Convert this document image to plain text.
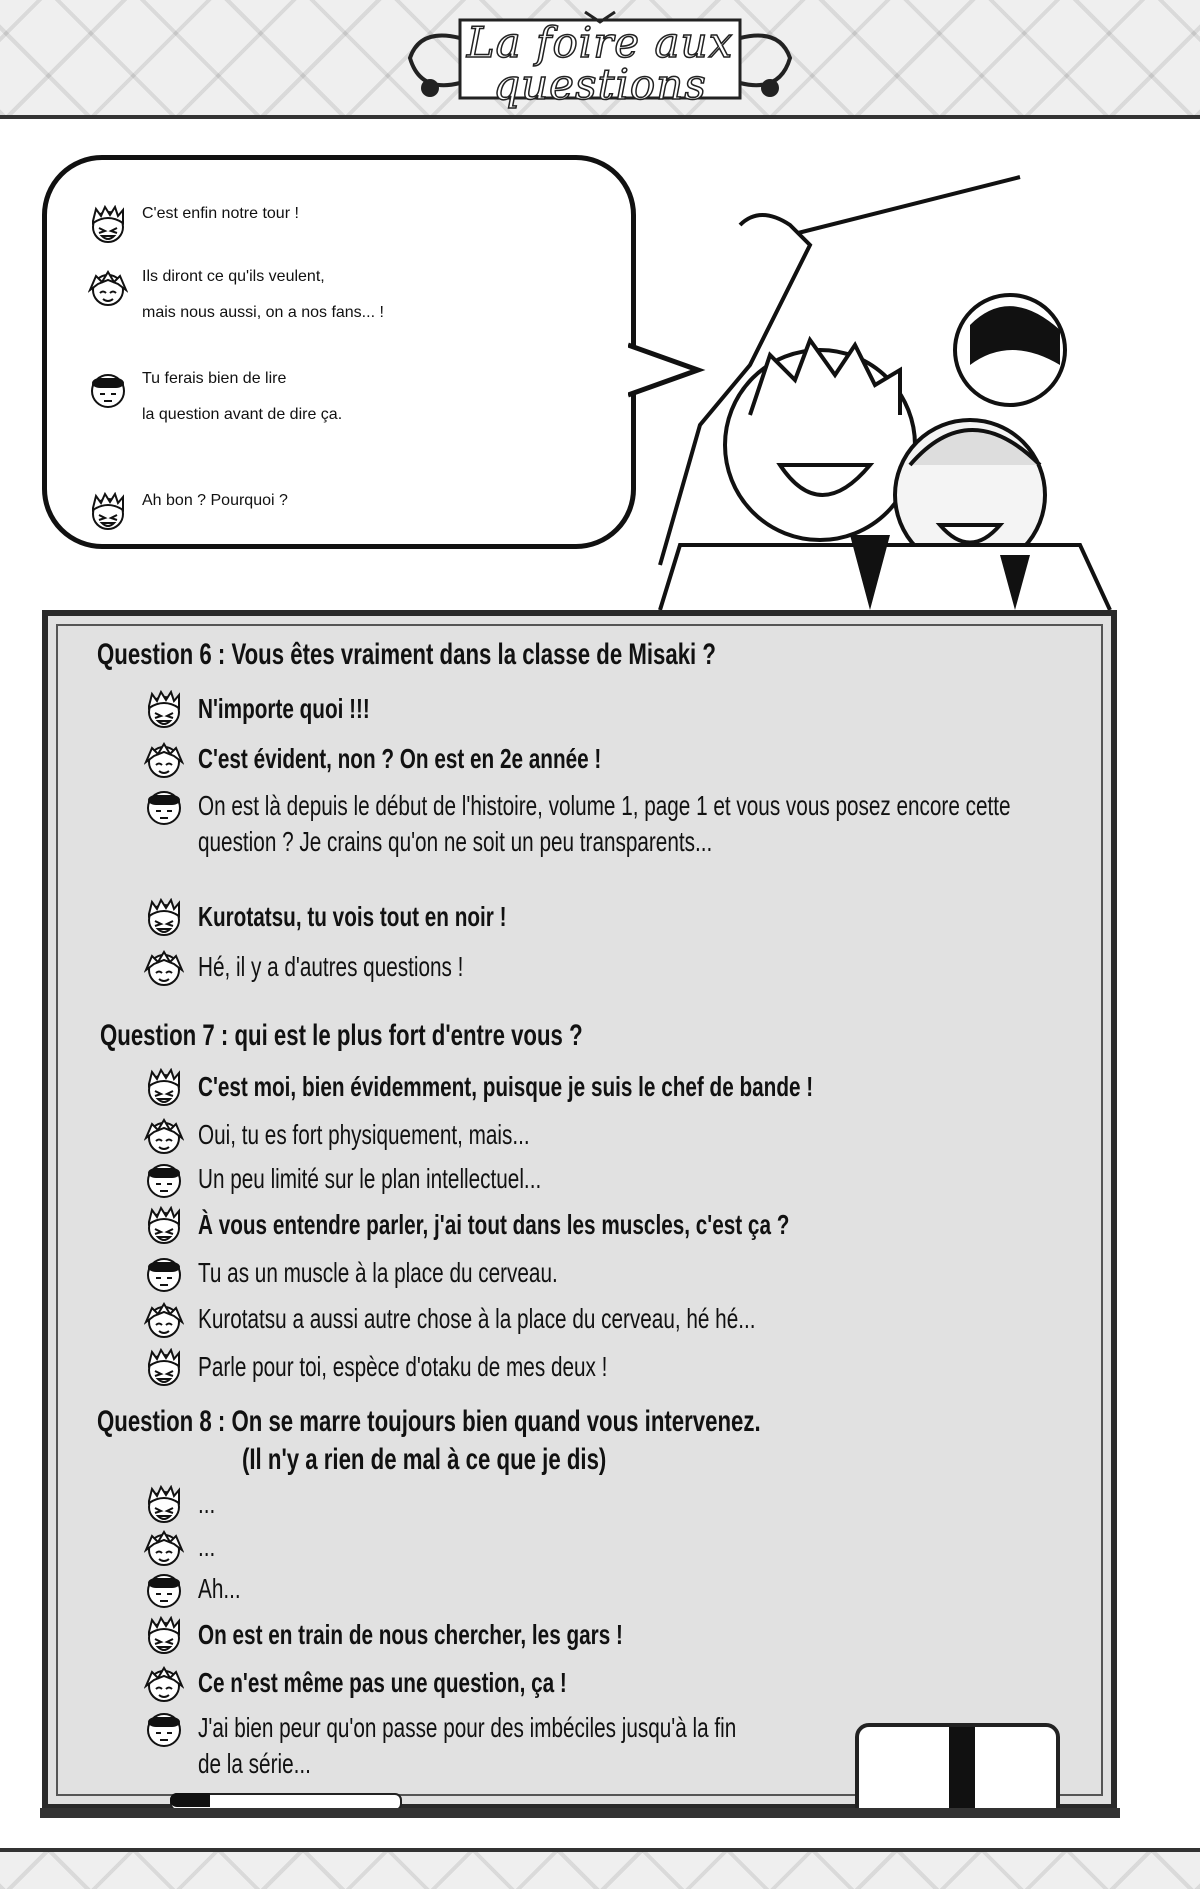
La foire aux
questions
C'est enfin notre tour !
Ils diront ce qu'ils veulent,
mais nous aussi, on a nos fans... !
Tu ferais bien de lire
la question avant de dire ça.
Ah bon ? Pourquoi ?
Question 6 : Vous êtes vraiment dans la classe de Misaki ?
N'importe quoi !!!
C'est évident, non ? On est en 2e année !
On est là depuis le début de l'histoire, volume 1, page 1 et vous vous posez encore cette
question ? Je crains qu'on ne soit un peu transparents...
Kurotatsu, tu vois tout en noir !
Hé, il y a d'autres questions !
Question 7 : qui est le plus fort d'entre vous ?
C'est moi, bien évidemment, puisque je suis le chef de bande !
Oui, tu es fort physiquement, mais...
Un peu limité sur le plan intellectuel...
À vous entendre parler, j'ai tout dans les muscles, c'est ça ?
Tu as un muscle à la place du cerveau.
Kurotatsu a aussi autre chose à la place du cerveau, hé hé...
Parle pour toi, espèce d'otaku de mes deux !
Question 8 : On se marre toujours bien quand vous intervenez.
(Il n'y a rien de mal à ce que je dis)
...
...
Ah...
On est en train de nous chercher, les gars !
Ce n'est même pas une question, ça !
J'ai bien peur qu'on passe pour des imbéciles jusqu'à la fin
de la série...
